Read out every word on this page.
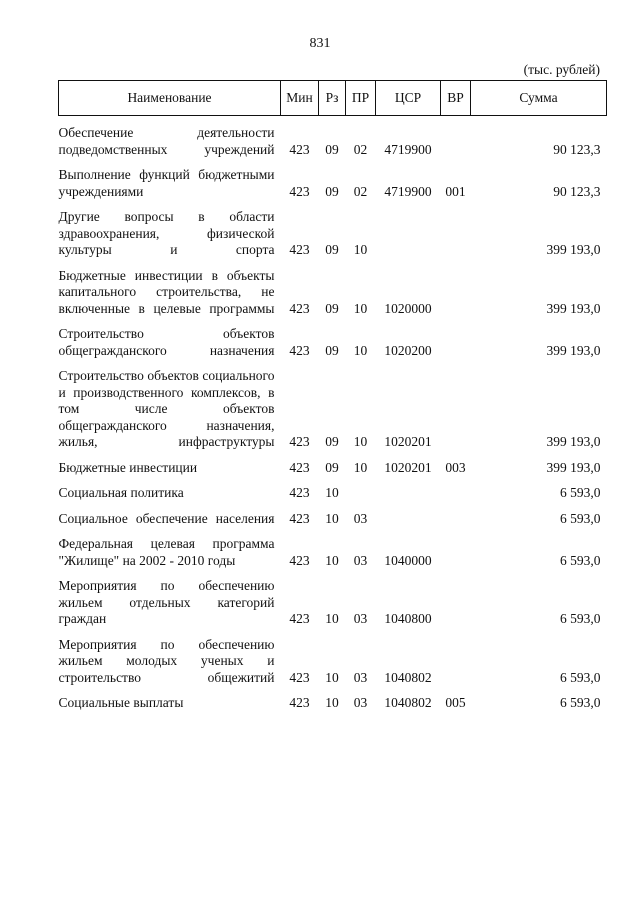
831
(тыс. рублей)
Наименование	Мин	Рз	ПР	ЦСР	ВР	Сумма

Обеспечение деятельности подведомственных учреждений	423	09	02	4719900		90 123,3

Выполнение функций бюджетными учреждениями	423	09	02	4719900	001	90 123,3

Другие вопросы в области здравоохранения, физической культуры и спорта	423	09	10			399 193,0

Бюджетные инвестиции в объекты капитального строительства, не включенные в целевые программы	423	09	10	1020000		399 193,0

Строительство объектов общегражданского назначения	423	09	10	1020200		399 193,0

Строительство объектов социального и производственного комплексов, в том числе объектов общегражданского назначения, жилья, инфраструктуры	423	09	10	1020201		399 193,0

Бюджетные инвестиции	423	09	10	1020201	003	399 193,0

Социальная политика	423	10				6 593,0

Социальное обеспечение населения	423	10	03			6 593,0

Федеральная целевая программа "Жилище" на 2002 - 2010 годы	423	10	03	1040000		6 593,0

Мероприятия по обеспечению жильем отдельных категорий граждан	423	10	03	1040800		6 593,0

Мероприятия по обеспечению жильем молодых ученых и строительство общежитий	423	10	03	1040802		6 593,0

Социальные выплаты	423	10	03	1040802	005	6 593,0
